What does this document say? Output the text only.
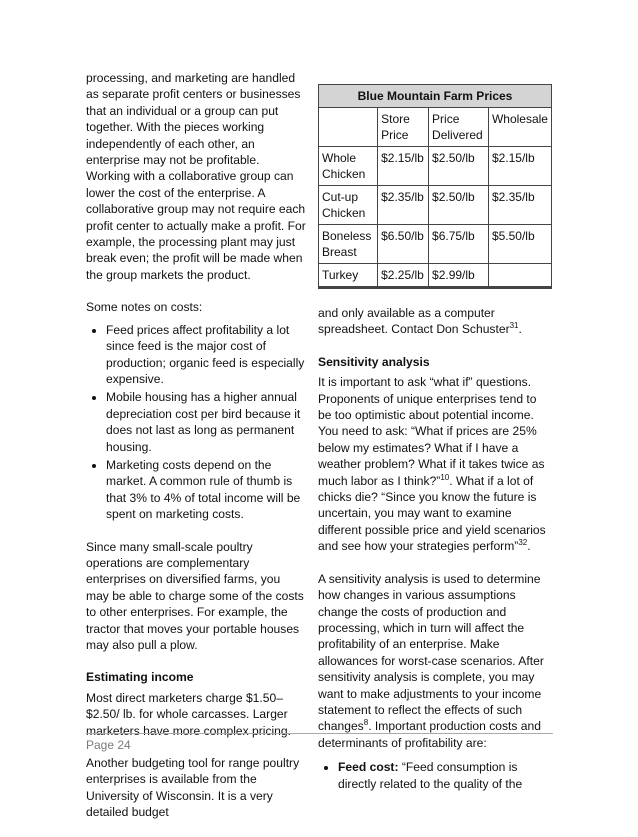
processing, and marketing are handled as separate profit centers or businesses that an individual or a group can put together. With the pieces working independently of each other, an enterprise may not be profitable. Working with a collaborative group can lower the cost of the enterprise. A collaborative group may not require each profit center to actually make a profit. For example, the processing plant may just break even; the profit will be made when the group markets the product.

Some notes on costs:

• Feed prices affect profitability a lot since feed is the major cost of production; organic feed is especially expensive.
• Mobile housing has a higher annual depreciation cost per bird because it does not last as long as permanent housing.
• Marketing costs depend on the market. A common rule of thumb is that 3% to 4% of total income will be spent on marketing costs.

Since many small-scale poultry operations are complementary enterprises on diversified farms, you may be able to charge some of the costs to other enterprises. For example, the tractor that moves your portable houses may also pull a plow.

Estimating income

Most direct marketers charge $1.50–$2.50/ lb. for whole carcasses. Larger marketers have more complex pricing.

Another budgeting tool for range poultry enterprises is available from the University of Wisconsin. It is a very detailed budget

Blue Mountain Farm Prices			
	Store Price	Price Delivered	Wholesale
Whole Chicken	$2.15/lb	$2.50/lb	$2.15/lb
Cut-up Chicken	$2.35/lb	$2.50/lb	$2.35/lb
Boneless Breast	$6.50/lb	$6.75/lb	$5.50/lb
Turkey	$2.25/lb	$2.99/lb	

and only available as a computer spreadsheet. Contact Don Schuster$^{31}$.

Sensitivity analysis

It is important to ask “what if” questions. Proponents of unique enterprises tend to be too optimistic about potential income. You need to ask: “What if prices are 25% below my estimates? What if I have a weather problem? What if it takes twice as much labor as I think?”$^{10}$. What if a lot of chicks die? “Since you know the future is uncertain, you may want to examine different possible price and yield scenarios and see how your strategies perform”$^{32}$.

A sensitivity analysis is used to determine how changes in various assumptions change the costs of production and processing, which in turn will affect the profitability of an enterprise. Make allowances for worst-case scenarios. After sensitivity analysis is complete, you may want to make adjustments to your income statement to reflect the effects of such changes$^8$. Important production costs and determinants of profitability are:

• Feed cost: “Feed consumption is directly related to the quality of the
Page 24
